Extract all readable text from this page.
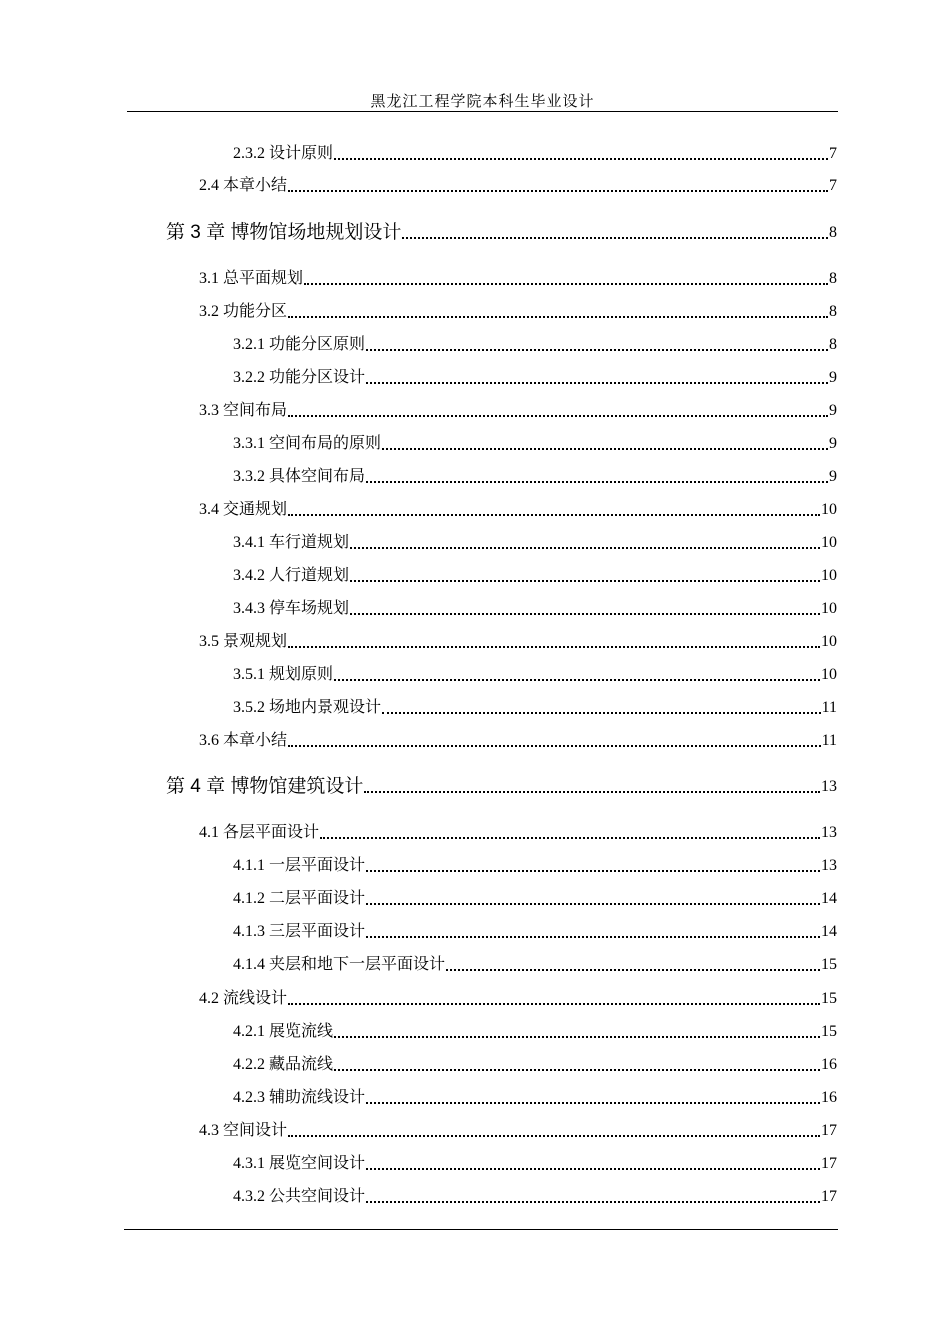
黑龙江工程学院本科生毕业设计
2.3.2 设计原则	7
2.4 本章小结	7
第 3 章 博物馆场地规划设计	8
3.1 总平面规划	8
3.2 功能分区	8
3.2.1 功能分区原则	8
3.2.2 功能分区设计	9
3.3 空间布局	9
3.3.1 空间布局的原则	9
3.3.2 具体空间布局	9
3.4 交通规划	10
3.4.1 车行道规划	10
3.4.2 人行道规划	10
3.4.3 停车场规划	10
3.5 景观规划	10
3.5.1 规划原则	10
3.5.2 场地内景观设计	11
3.6 本章小结	11
第 4 章 博物馆建筑设计	13
4.1 各层平面设计	13
4.1.1 一层平面设计	13
4.1.2 二层平面设计	14
4.1.3 三层平面设计	14
4.1.4 夹层和地下一层平面设计	15
4.2 流线设计	15
4.2.1 展览流线	15
4.2.2 藏品流线	16
4.2.3 辅助流线设计	16
4.3 空间设计	17
4.3.1 展览空间设计	17
4.3.2 公共空间设计	17
